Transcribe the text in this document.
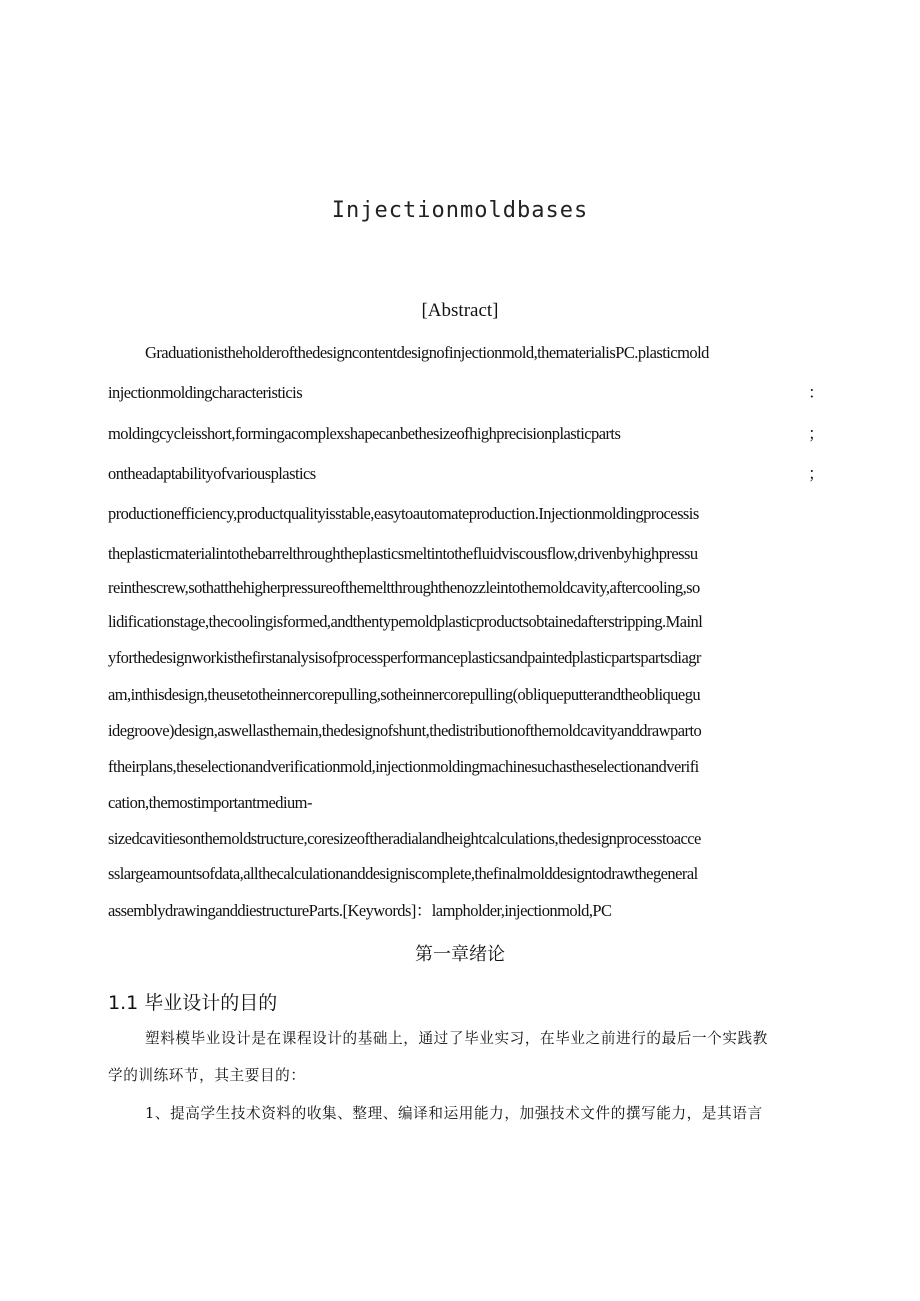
Injectionmoldbases
[Abstract]
Graduationistheholderofthedesigncontentdesignofinjectionmold,thematerialisPC.plasticmold
injectionmoldingcharacteristicis	：
moldingcycleisshort,formingacomplexshapecanbethesizeofhighprecisionplasticparts	；
ontheadaptabilityofvariousplastics	；
productionefficiency,productqualityisstable,easytoautomateproduction.Injectionmoldingprocessis
theplasticmaterialintothebarrelthroughtheplasticsmeltintothefluidviscousflow,drivenbyhighpressu
reinthescrew,sothatthehigherpressureofthemeltthroughthenozzleintothemoldcavity,aftercooling,so
lidificationstage,thecoolingisformed,andthentypemoldplasticproductsobtainedafterstripping.Mainl
yforthedesignworkisthefirstanalysisofprocessperformanceplasticsandpaintedplasticpartspartsdiagr
am,inthisdesign,theusetotheinnercorepulling,sotheinnercorepulling(obliqueputterandtheobliquegu
idegroove)design,aswellasthemain,thedesignofshunt,thedistributionofthemoldcavityanddrawparto
ftheirplans,theselectionandverificationmold,injectionmoldingmachinesuchastheselectionandverifi
cation,themostimportantmedium-
sizedcavitiesonthemoldstructure,coresizeoftheradialandheightcalculations,thedesignprocesstoacce
sslargeamountsofdata,allthecalculationanddesigniscomplete,thefinalmolddesigntodrawthegeneral
assemblydrawinganddiestructureParts.[Keywords]：lampholder,injectionmold,PC
第一章绪论
1.1 毕业设计的目的
塑料模毕业设计是在课程设计的基础上，通过了毕业实习，在毕业之前进行的最后一个实践教
学的训练环节，其主要目的：
1、提高学生技术资料的收集、整理、编译和运用能力，加强技术文件的撰写能力，是其语言
